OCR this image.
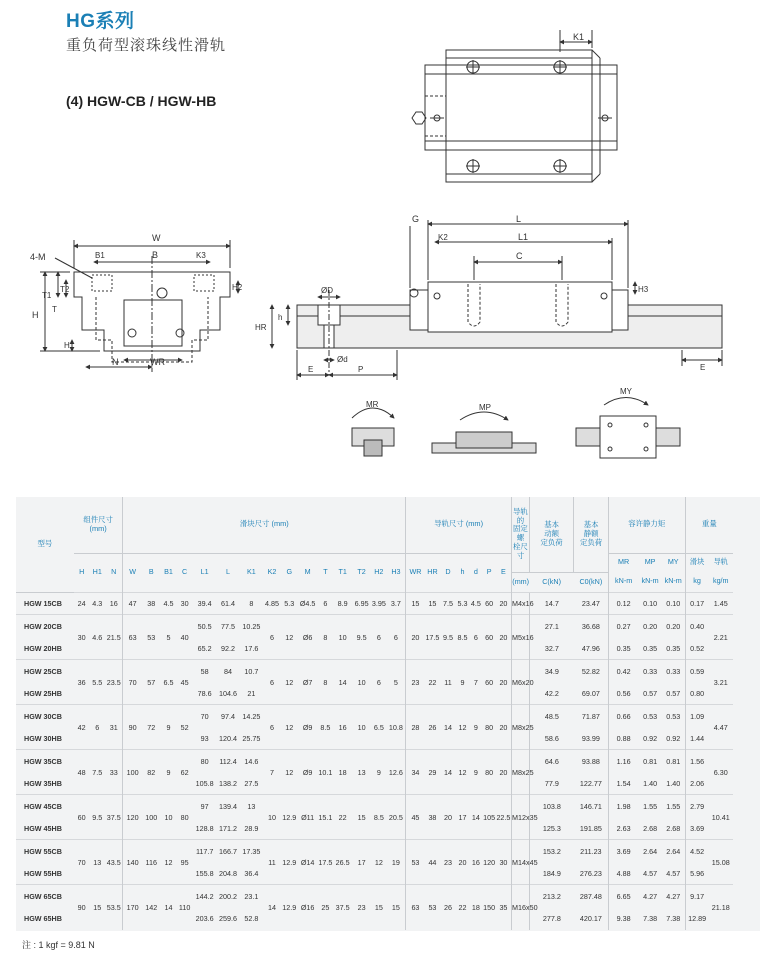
HG系列
重负荷型滚珠线性滑轨
(4) HGW-CB / HGW-HB
K1
4-M
W
B1	B	K3
T1
T2
T
H2
H
H1
N	WR
G	L
K2	L1
C
H3
ØD
HR
h
Ød
E	P	E
MR	MP
MY
型号	组件尺寸
(mm)			滑块尺寸 (mm)															导轨尺寸 (mm)							导轨的
固定螺
栓尺寸	基本
动额
定负荷	基本
静额
定负荷	容许静力矩			重量	
	H	H1	N	W	B	B1	C	L1	L	K1	K2	G	M	T	T1	T2	H2	H3	WR	HR	D	h	d	P	E				MR	MP	MY	滑块	导轨
																										(mm)	C(kN)	C0(kN)	kN-m	kN-m	kN-m	kg	kg/m
HGW 15CB	24	4.3	16	47	38	4.5	30	39.4	61.4	8	4.85	5.3	Ø4.5	6	8.9	6.95	3.95	3.7	15	15	7.5	5.3	4.5	60	20	M4x16	14.7	23.47	0.12	0.10	0.10	0.17	1.45
HGW 20CB	30	4.6	21.5	63	53	5	40	50.5	77.5	10.25	6	12	Ø6	8	10	9.5	6	6	20	17.5	9.5	8.5	6	60	20	M5x16	27.1	36.68	0.27	0.20	0.20	0.40	2.21
HGW 20HB								65.2	92.2	17.6																	32.7	47.96	0.35	0.35	0.35	0.52	
HGW 25CB	36	5.5	23.5	70	57	6.5	45	58	84	10.7	6	12	Ø7	8	14	10	6	5	23	22	11	9	7	60	20	M6x20	34.9	52.82	0.42	0.33	0.33	0.59	3.21
HGW 25HB								78.6	104.6	21																	42.2	69.07	0.56	0.57	0.57	0.80	
HGW 30CB	42	6	31	90	72	9	52	70	97.4	14.25	6	12	Ø9	8.5	16	10	6.5	10.8	28	26	14	12	9	80	20	M8x25	48.5	71.87	0.66	0.53	0.53	1.09	4.47
HGW 30HB								93	120.4	25.75																	58.6	93.99	0.88	0.92	0.92	1.44	
HGW 35CB	48	7.5	33	100	82	9	62	80	112.4	14.6	7	12	Ø9	10.1	18	13	9	12.6	34	29	14	12	9	80	20	M8x25	64.6	93.88	1.16	0.81	0.81	1.56	6.30
HGW 35HB								105.8	138.2	27.5																	77.9	122.77	1.54	1.40	1.40	2.06	
HGW 45CB	60	9.5	37.5	120	100	10	80	97	139.4	13	10	12.9	Ø11	15.1	22	15	8.5	20.5	45	38	20	17	14	105	22.5	M12x35	103.8	146.71	1.98	1.55	1.55	2.79	10.41
HGW 45HB								128.8	171.2	28.9																	125.3	191.85	2.63	2.68	2.68	3.69	
HGW 55CB	70	13	43.5	140	116	12	95	117.7	166.7	17.35	11	12.9	Ø14	17.5	26.5	17	12	19	53	44	23	20	16	120	30	M14x45	153.2	211.23	3.69	2.64	2.64	4.52	15.08
HGW 55HB								155.8	204.8	36.4																	184.9	276.23	4.88	4.57	4.57	5.96	
HGW 65CB	90	15	53.5	170	142	14	110	144.2	200.2	23.1	14	12.9	Ø16	25	37.5	23	15	15	63	53	26	22	18	150	35	M16x50	213.2	287.48	6.65	4.27	4.27	9.17	21.18
HGW 65HB								203.6	259.6	52.8																	277.8	420.17	9.38	7.38	7.38	12.89	
注 : 1 kgf = 9.81 N
